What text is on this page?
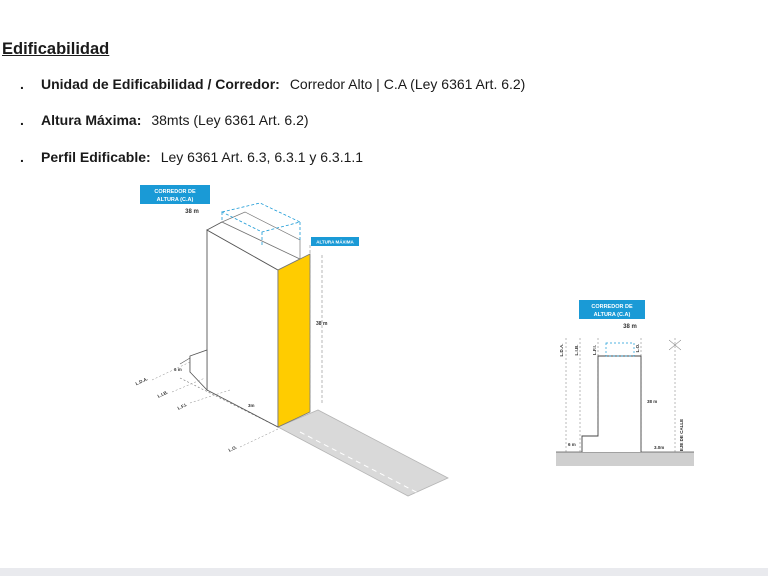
Edificabilidad
. Unidad de Edificabilidad / Corredor: Corredor Alto | C.A (Ley 6361 Art. 6.2)
. Altura Máxima: 38mts (Ley 6361 Art. 6.2)
. Perfil Edificable: Ley 6361 Art. 6.3, 6.3.1 y 6.3.1.1
CORREDOR DE
ALTURA (C.A)
38 m
ALTURA MÁXIMA
38 m
3m
6 m
L.D.A.
L.I.B.
L.F.I.
L.O.
CORREDOR DE
ALTURA (C.A)
38 m
L.D.A. L.I.B.	L.F.I.	L.O.
EJE DE CALLE
38 m
6 m
3.0m
